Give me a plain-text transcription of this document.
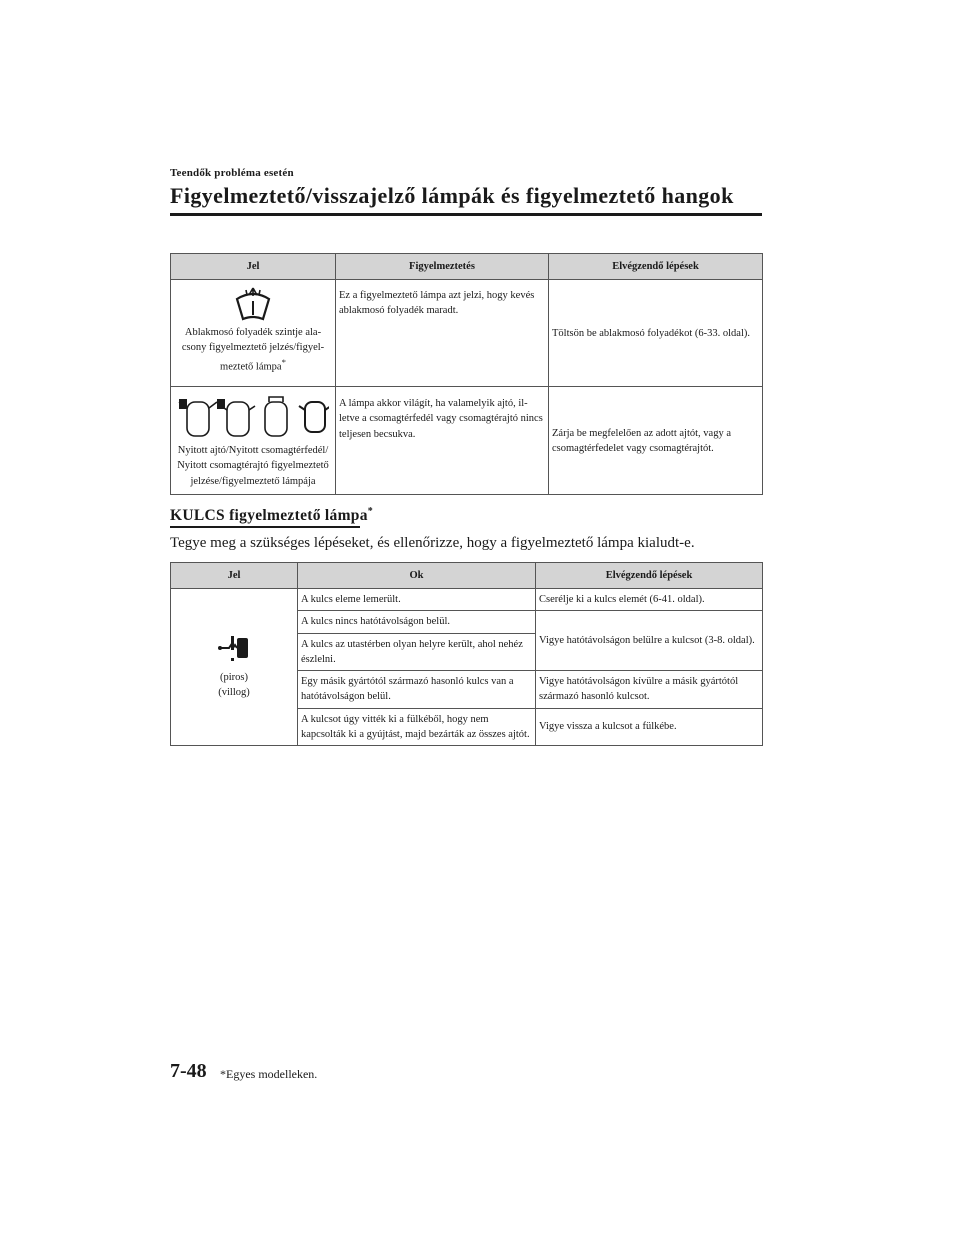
Teendők probléma esetén
Figyelmeztető/visszajelző lámpák és figyelmeztető hangok
Jel	Figyelmeztetés	Elvégzendő lépések

Ablakmosó folyadék szintje ala-csony figyelmeztető jelzés/figyel-meztető lámpa*	Ez a figyelmeztető lámpa azt jelzi, hogy kevés ablakmosó folyadék maradt.	Töltsön be ablakmosó folyadékot (6-33. oldal).

Nyitott ajtó/Nyitott csomagtérfedél/ Nyitott csomagtérajtó figyelmeztető jelzése/figyelmeztető lámpája	A lámpa akkor világít, ha valamelyik ajtó, il-letve a csomagtérfedél vagy csomagtérajtó nincs teljesen becsukva.	Zárja be megfelelően az adott ajtót, vagy a csomagtérfedelet vagy csomagtérajtót.
KULCS figyelmeztető lámpa*
Tegye meg a szükséges lépéseket, és ellenőrizze, hogy a figyelmeztető lámpa kialudt-e.
Jel	Ok	Elvégzendő lépések

(piros)
(villog)	A kulcs eleme lemerült.	Cserélje ki a kulcs elemét (6-41. oldal).
	A kulcs nincs hatótávolságon belül.	Vigye hatótávolságon belülre a kulcsot (3-8. oldal).
	A kulcs az utastérben olyan helyre került, ahol nehéz észlelni.	
	Egy másik gyártótól származó hasonló kulcs van a hatótávolságon belül.	Vigye hatótávolságon kívülre a másik gyártótól származó hasonló kulcsot.
	A kulcsot úgy vitték ki a fülkéből, hogy nem kapcsolták ki a gyújtást, majd bezárták az összes ajtót.	Vigye vissza a kulcsot a fülkébe.
7-48 *Egyes modelleken.
